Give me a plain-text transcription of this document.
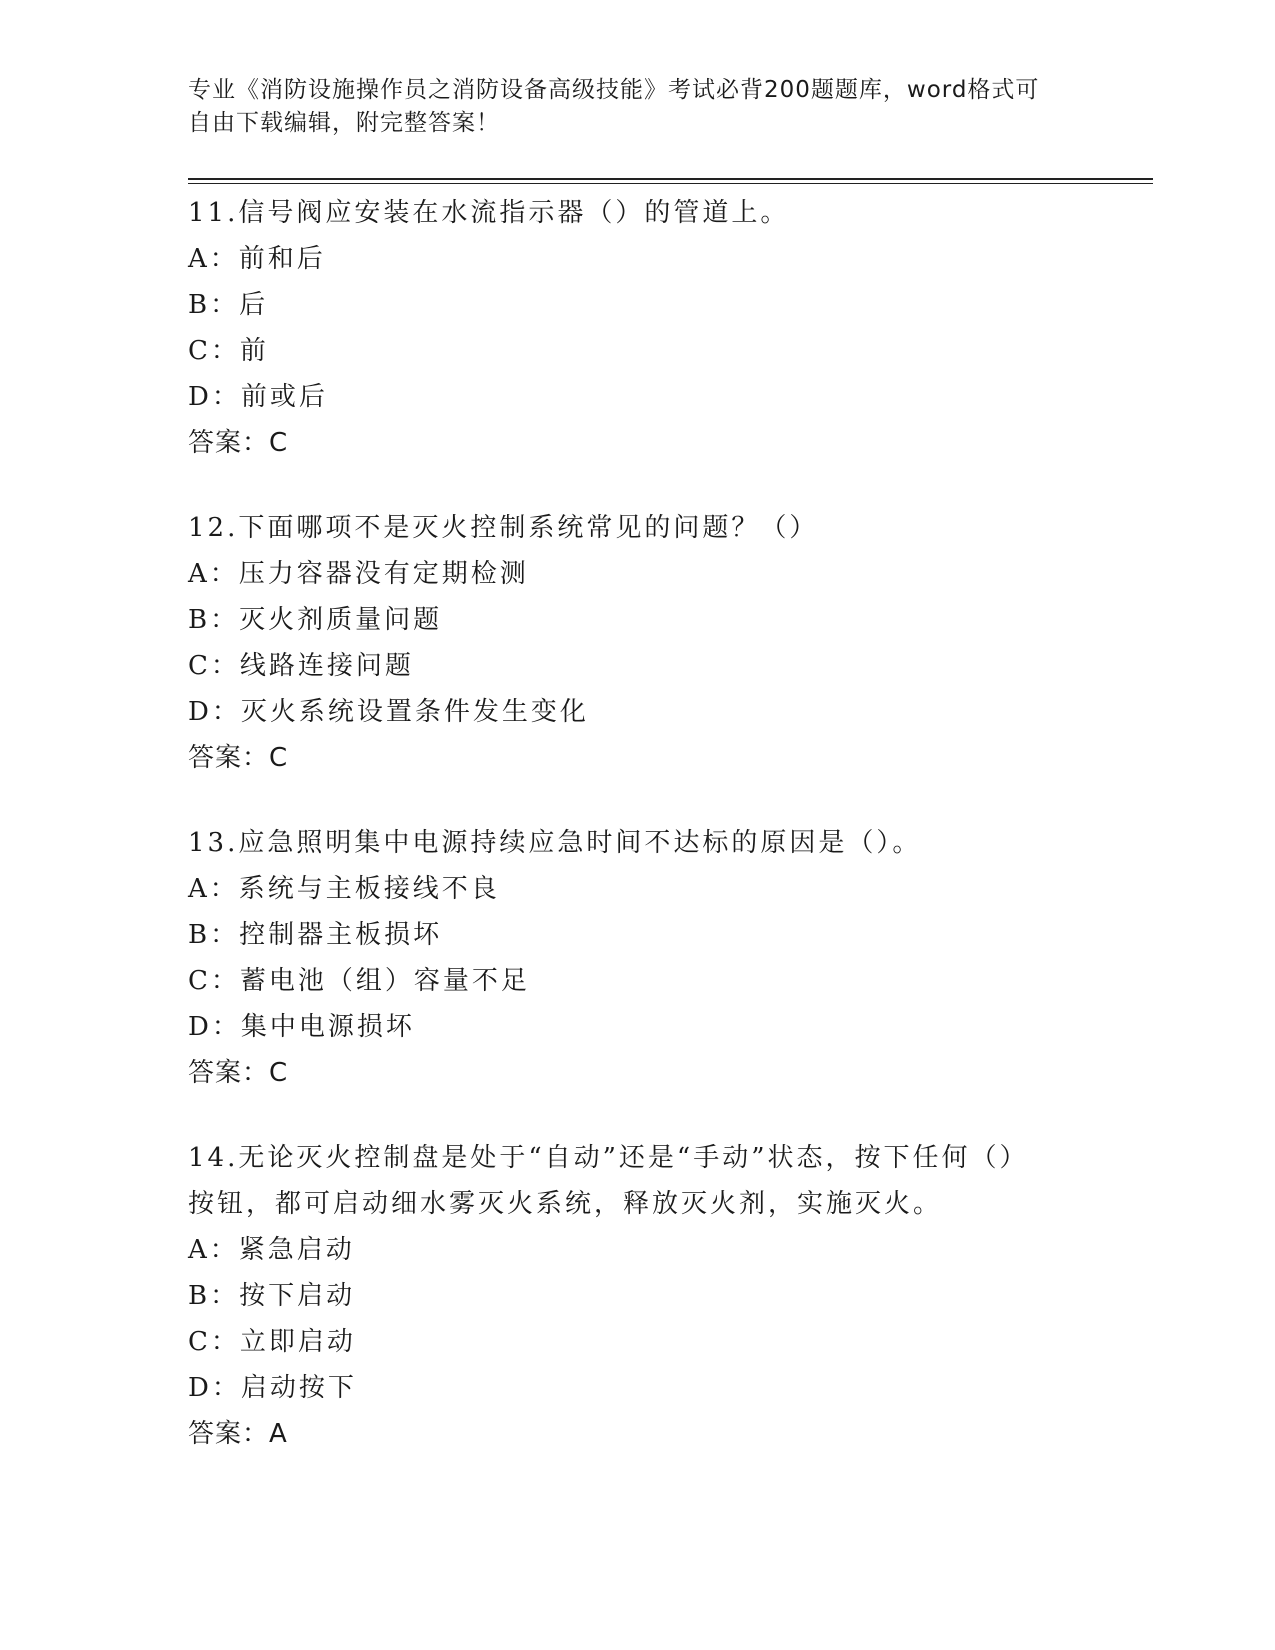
专业《消防设施操作员之消防设备高级技能》考试必背200题题库，word格式可
自由下载编辑，附完整答案！
11.信号阀应安装在水流指示器（）的管道上。
A：前和后
B：后
C：前
D：前或后
答案：C
12.下面哪项不是灭火控制系统常见的问题？（）
A：压力容器没有定期检测
B：灭火剂质量问题
C：线路连接问题
D：灭火系统设置条件发生变化
答案：C
13.应急照明集中电源持续应急时间不达标的原因是（）。
A：系统与主板接线不良
B：控制器主板损坏
C：蓄电池（组）容量不足
D：集中电源损坏
答案：C
14.无论灭火控制盘是处于“自动”还是“手动”状态，按下任何（）
按钮，都可启动细水雾灭火系统，释放灭火剂，实施灭火。
A：紧急启动
B：按下启动
C：立即启动
D：启动按下
答案：A
